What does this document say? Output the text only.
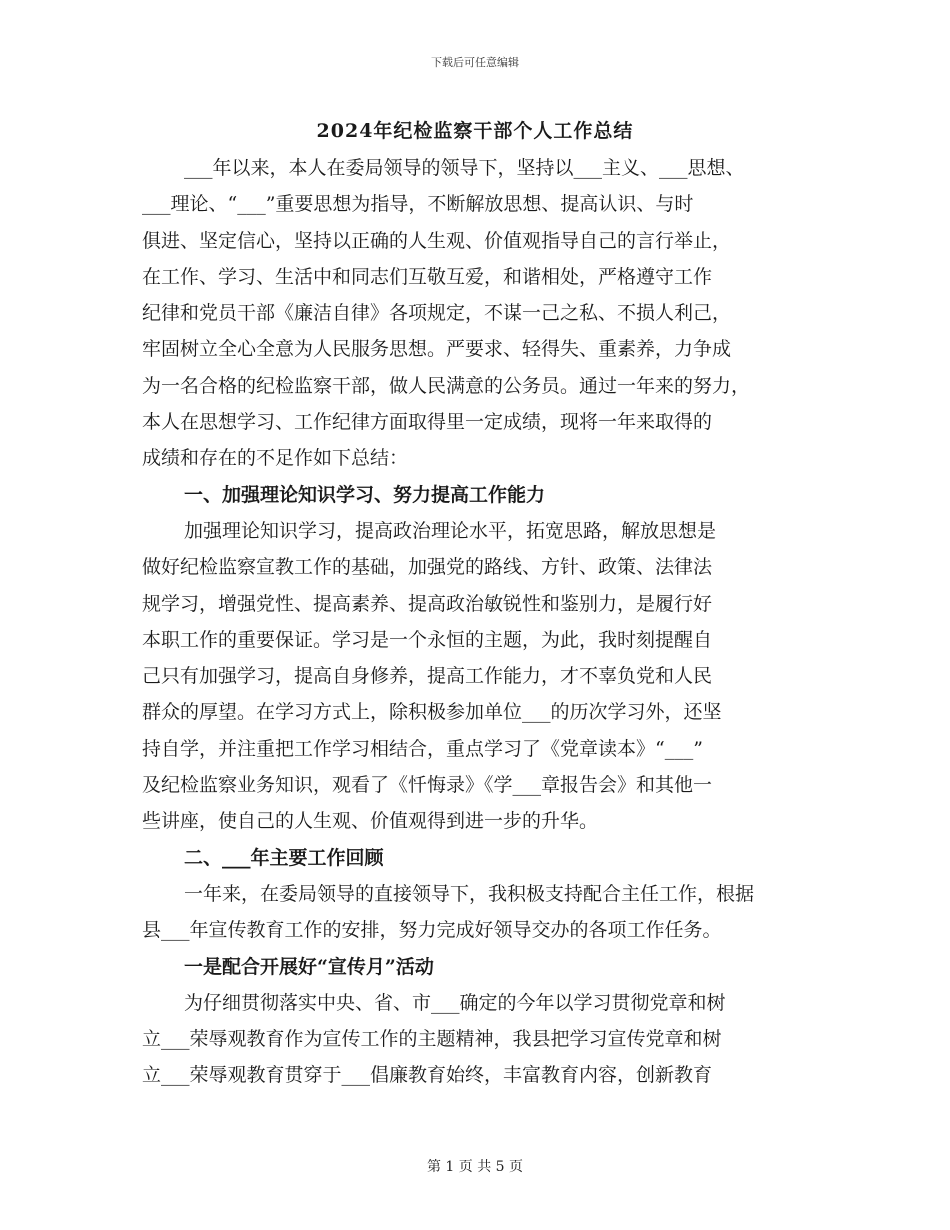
下载后可任意编辑
2024年纪检监察干部个人工作总结
___年以来，本人在委局领导的领导下，坚持以___主义、___思想、
___理论、“___”重要思想为指导，不断解放思想、提高认识、与时
俱进、坚定信心，坚持以正确的人生观、价值观指导自己的言行举止，
在工作、学习、生活中和同志们互敬互爱，和谐相处，严格遵守工作
纪律和党员干部《廉洁自律》各项规定，不谋一己之私、不损人利己，
牢固树立全心全意为人民服务思想。严要求、轻得失、重素养，力争成
为一名合格的纪检监察干部，做人民满意的公务员。通过一年来的努力，
本人在思想学习、工作纪律方面取得里一定成绩，现将一年来取得的
成绩和存在的不足作如下总结：
一、加强理论知识学习、努力提高工作能力
加强理论知识学习，提高政治理论水平，拓宽思路，解放思想是
做好纪检监察宣教工作的基础，加强党的路线、方针、政策、法律法
规学习，增强党性、提高素养、提高政治敏锐性和鉴别力，是履行好
本职工作的重要保证。学习是一个永恒的主题，为此，我时刻提醒自
己只有加强学习，提高自身修养，提高工作能力，才不辜负党和人民
群众的厚望。在学习方式上，除积极参加单位___的历次学习外，还坚
持自学，并注重把工作学习相结合，重点学习了《党章读本》“___”
及纪检监察业务知识，观看了《忏悔录》《学___章报告会》和其他一
些讲座，使自己的人生观、价值观得到进一步的升华。
二、___年主要工作回顾
一年来，在委局领导的直接领导下，我积极支持配合主任工作，根据
县___年宣传教育工作的安排，努力完成好领导交办的各项工作任务。
一是配合开展好“宣传月”活动
为仔细贯彻落实中央、省、市___确定的今年以学习贯彻党章和树
立___荣辱观教育作为宣传工作的主题精神，我县把学习宣传党章和树
立___荣辱观教育贯穿于___倡廉教育始终，丰富教育内容，创新教育
第 1 页 共 5 页
